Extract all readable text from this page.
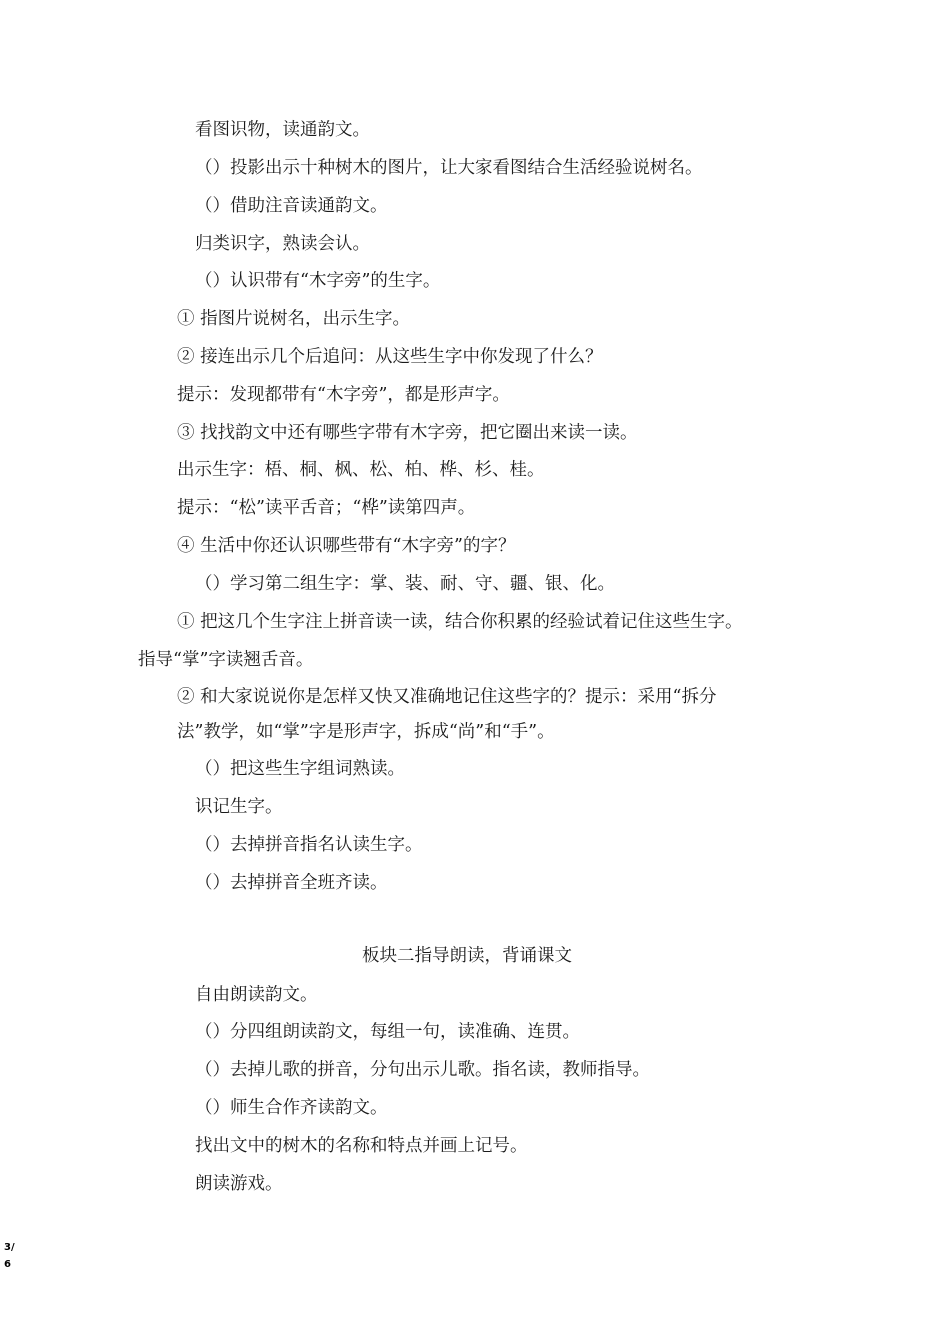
看图识物，读通韵文。
（）投影出示十种树木的图片，让大家看图结合生活经验说树名。
（）借助注音读通韵文。
归类识字，熟读会认。
（）认识带有“木字旁”的生字。
① 指图片说树名，出示生字。
② 接连出示几个后追问：从这些生字中你发现了什么？
提示：发现都带有“木字旁”，都是形声字。
③ 找找韵文中还有哪些字带有木字旁，把它圈出来读一读。
出示生字：梧、桐、枫、松、柏、桦、杉、桂。
提示：“松”读平舌音；“桦”读第四声。
④ 生活中你还认识哪些带有“木字旁”的字？
（）学习第二组生字：掌、装、耐、守、疆、银、化。
① 把这几个生字注上拼音读一读，结合你积累的经验试着记住这些生字。
指导“掌”字读翘舌音。
② 和大家说说你是怎样又快又准确地记住这些字的？提示：采用“拆分
法”教学，如“掌”字是形声字，拆成“尚”和“手”。
（）把这些生字组词熟读。
识记生字。
（）去掉拼音指名认读生字。
（）去掉拼音全班齐读。
板块二指导朗读，背诵课文
自由朗读韵文。
（）分四组朗读韵文，每组一句，读准确、连贯。
（）去掉儿歌的拼音，分句出示儿歌。指名读，教师指导。
（）师生合作齐读韵文。
找出文中的树木的名称和特点并画上记号。
朗读游戏。
3/
6
